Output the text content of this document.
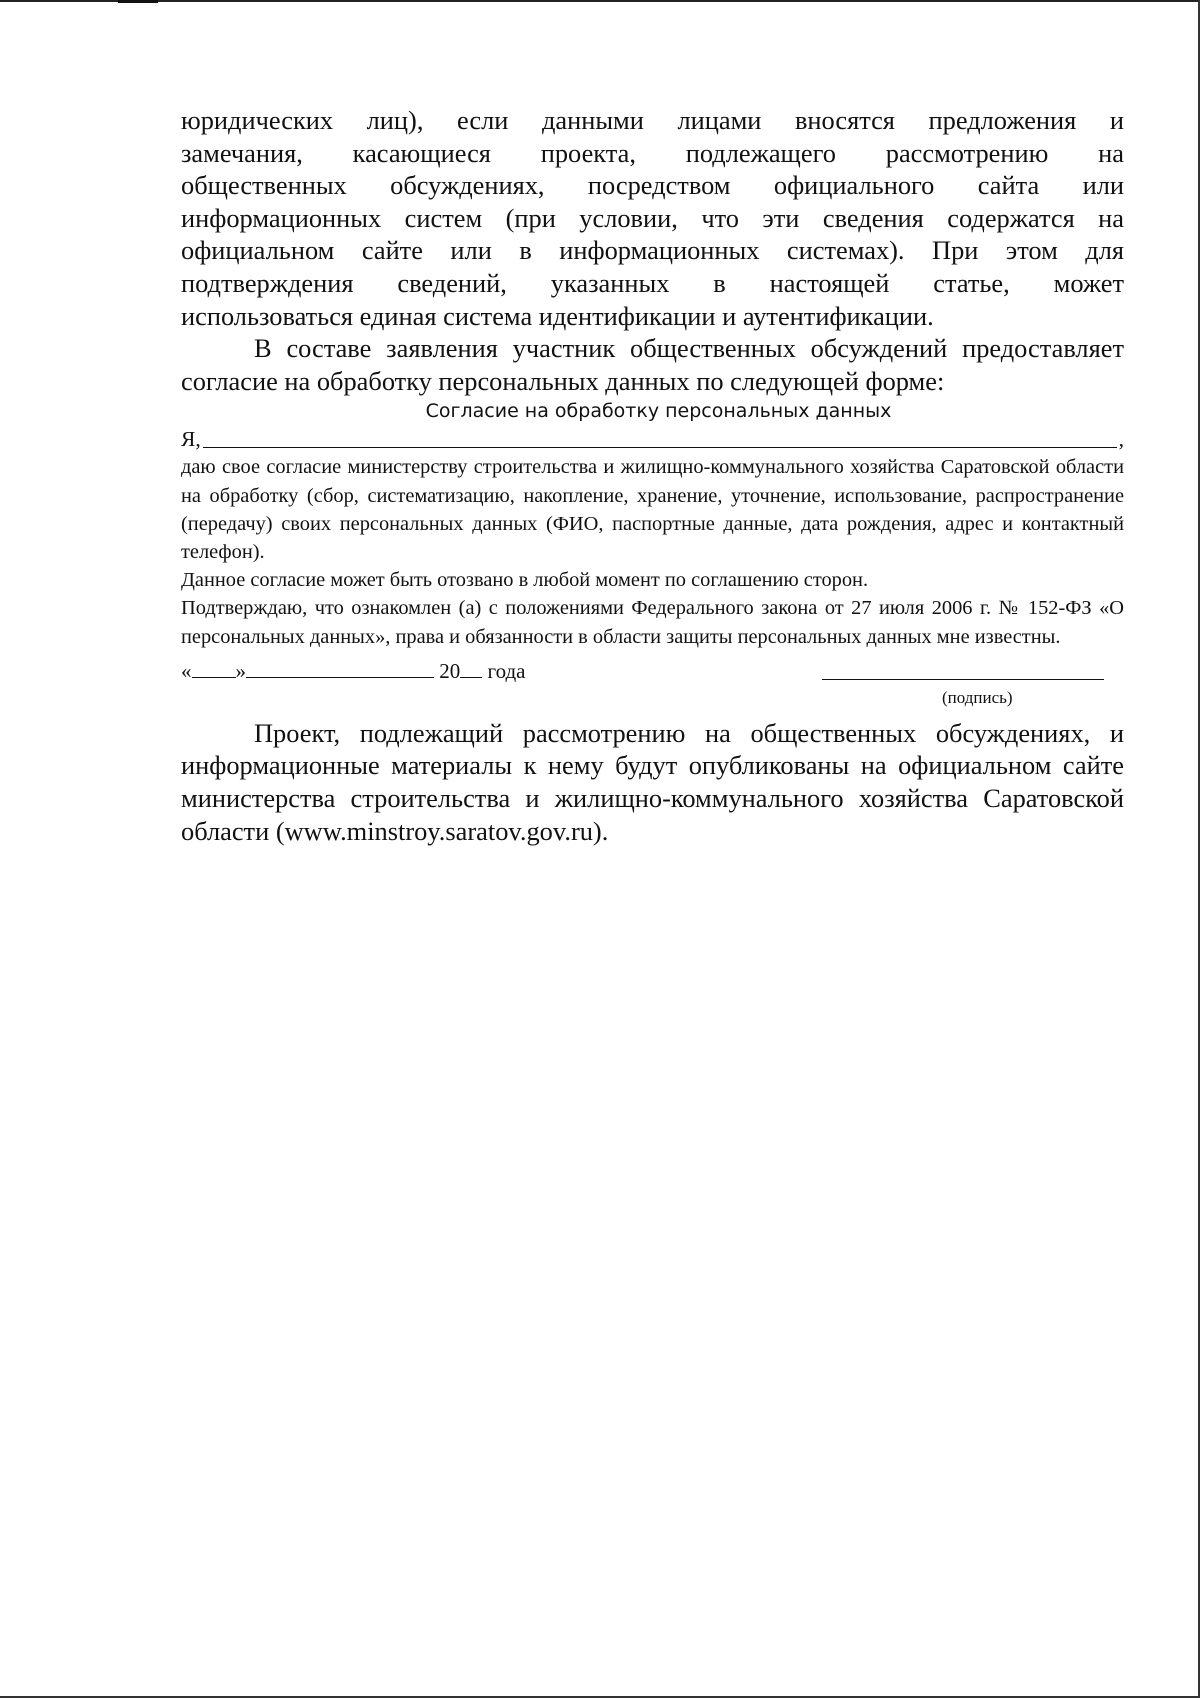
юридических лиц), если данными лицами вносятся предложения и

замечания, касающиеся проекта, подлежащего рассмотрению на

общественных обсуждениях, посредством официального сайта или

информационных систем (при условии, что эти сведения содержатся на

официальном сайте или в информационных системах). При этом для

подтверждения сведений, указанных в настоящей статье, может

использоваться единая система идентификации и аутентификации.

В составе заявления участник общественных обсуждений предоставляет согласие на обработку персональных данных по следующей форме:

Согласие на обработку персональных данных

Я,	,

даю свое согласие министерству строительства и жилищно-коммунального хозяйства Саратовской области на обработку (сбор, систематизацию, накопление, хранение, уточнение, использование, распространение (передачу) своих персональных данных (ФИО, паспортные данные, дата рождения, адрес и контактный телефон).

Данное согласие может быть отозвано в любой момент по соглашению сторон.

Подтверждаю, что ознакомлен (а) с положениями Федерального закона от 27 июля 2006 г. № 152-ФЗ «О персональных данных», права и обязанности в области защиты персональных данных мне известны.

« »	20 года
(подпись)

Проект, подлежащий рассмотрению на общественных обсуждениях, и информационные материалы к нему будут опубликованы на официальном сайте министерства строительства и жилищно-коммунального хозяйства Саратовской области (www.minstroy.saratov.gov.ru).
